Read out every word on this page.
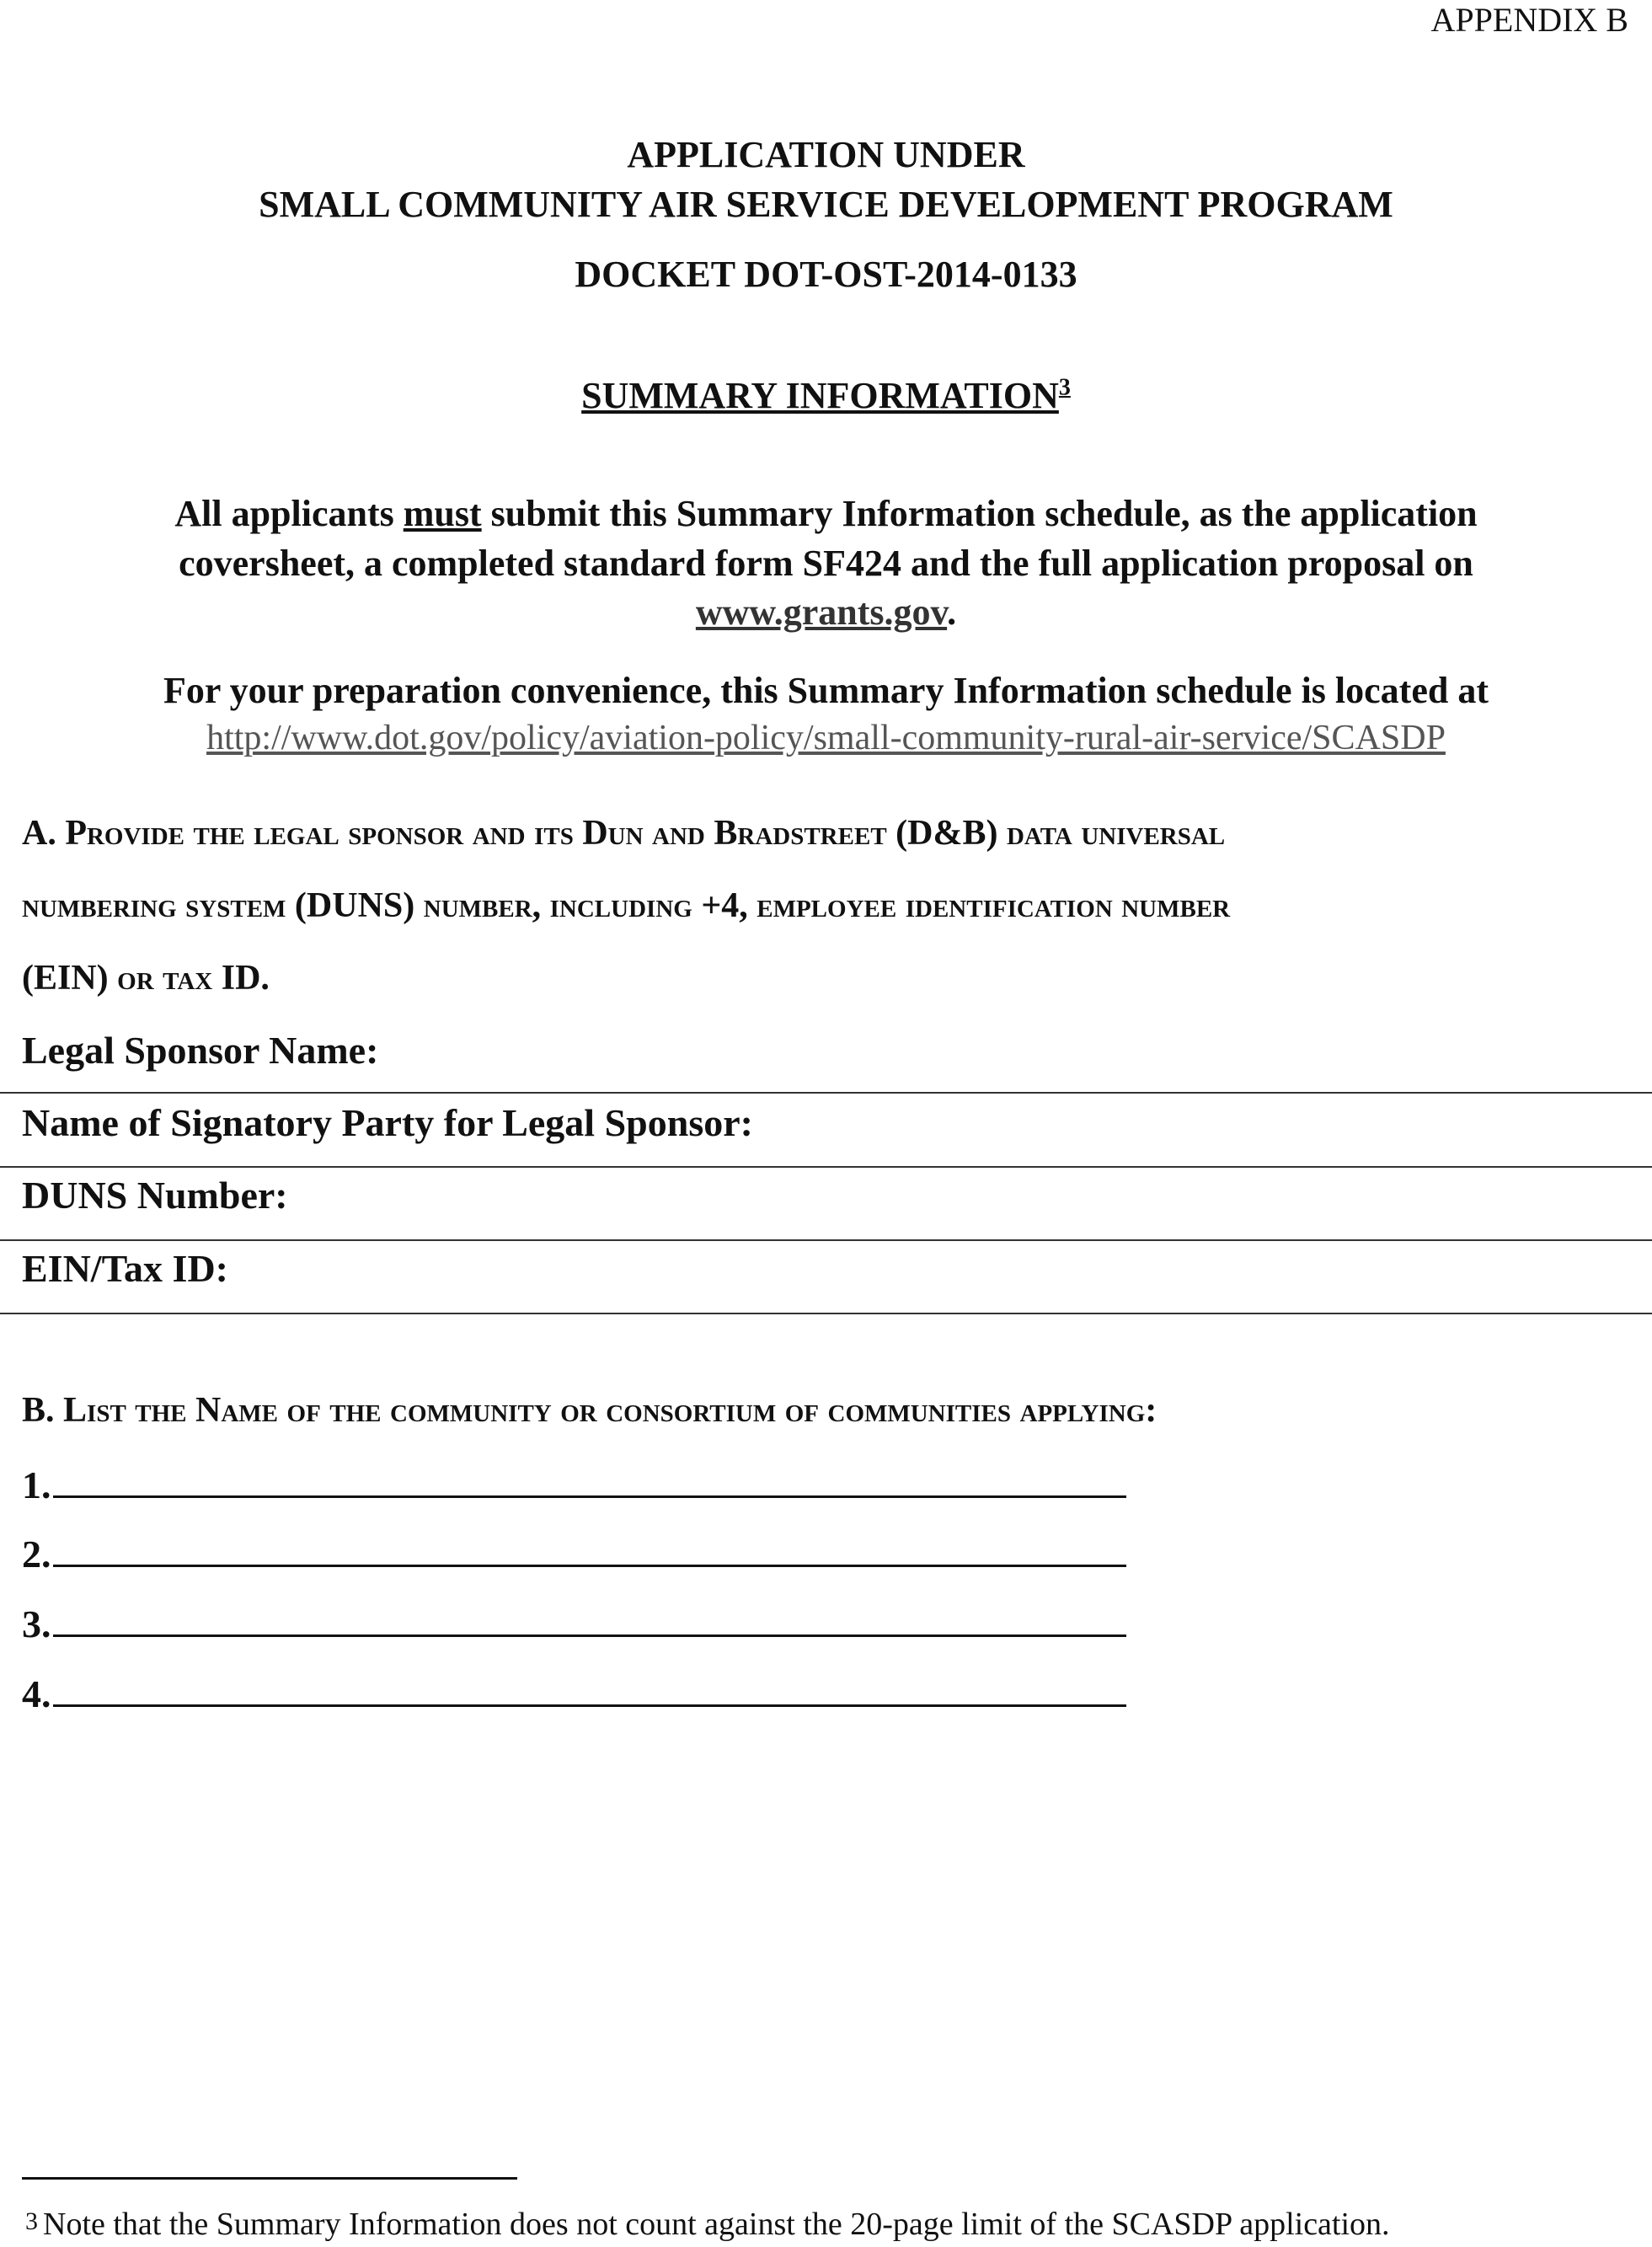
APPENDIX B
APPLICATION UNDER
SMALL COMMUNITY AIR SERVICE DEVELOPMENT PROGRAM
DOCKET DOT-OST-2014-0133
SUMMARY INFORMATION$^3$
All applicants must submit this Summary Information schedule, as the application
coversheet, a completed standard form SF424 and the full application proposal on
www.grants.gov.
For your preparation convenience, this Summary Information schedule is located at
http://www.dot.gov/policy/aviation-policy/small-community-rural-air-service/SCASDP
A. Provide the legal sponsor and its Dun and Bradstreet (D&B) data universal
numbering system (DUNS) number, including +4, employee identification number
(EIN) or tax ID.
Legal Sponsor Name:
Name of Signatory Party for Legal Sponsor:
DUNS Number:
EIN/Tax ID:
B. List the Name of the community or consortium of communities applying:
1.
2.
3.
4.
$^3$ Note that the Summary Information does not count against the 20-page limit of the SCASDP application.
